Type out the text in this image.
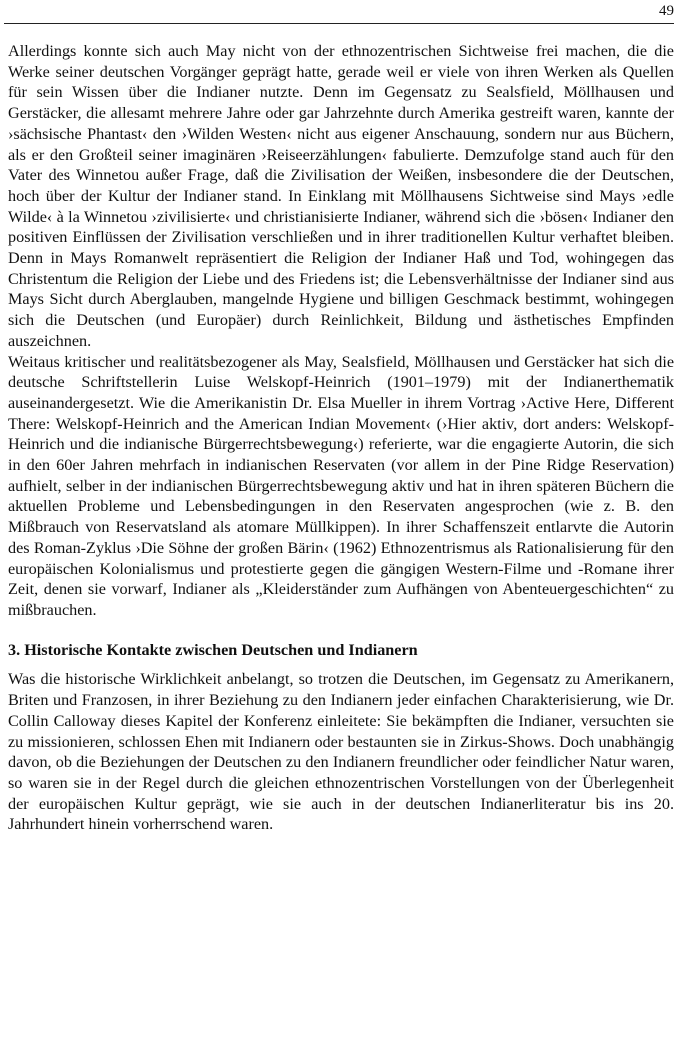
49

Allerdings konnte sich auch May nicht von der ethnozentrischen Sichtweise frei machen, die die Werke seiner deutschen Vorgänger geprägt hatte, gerade weil er viele von ihren Werken als Quellen für sein Wissen über die Indianer nutzte. Denn im Gegensatz zu Sealsfield, Möllhausen und Gerstäcker, die allesamt mehrere Jahre oder gar Jahrzehnte durch Amerika gestreift waren, kannte der ›sächsische Phantast‹ den ›Wilden Westen‹ nicht aus eigener Anschauung, sondern nur aus Büchern, als er den Großteil seiner imaginären ›Reiseerzählungen‹ fabulierte. Demzufolge stand auch für den Vater des Winnetou außer Frage, daß die Zivilisation der Weißen, insbesondere die der Deutschen, hoch über der Kultur der Indianer stand. In Einklang mit Möllhausens Sichtweise sind Mays ›edle Wilde‹ à la Winnetou ›zivilisierte‹ und christianisierte Indianer, während sich die ›bösen‹ Indianer den positiven Einflüssen der Zivilisation verschließen und in ihrer traditionellen Kultur verhaftet bleiben. Denn in Mays Romanwelt repräsentiert die Religion der Indianer Haß und Tod, wohingegen das Christentum die Religion der Liebe und des Friedens ist; die Lebensverhältnisse der Indianer sind aus Mays Sicht durch Aberglauben, mangelnde Hygiene und billigen Geschmack bestimmt, wohingegen sich die Deutschen (und Europäer) durch Reinlichkeit, Bildung und ästhetisches Empfinden auszeichnen.

Weitaus kritischer und realitätsbezogener als May, Sealsfield, Möllhausen und Gerstäcker hat sich die deutsche Schriftstellerin Luise Welskopf-Heinrich (1901–1979) mit der Indianerthematik auseinandergesetzt. Wie die Amerikanistin Dr. Elsa Mueller in ihrem Vortrag ›Active Here, Different There: Welskopf-Heinrich and the American Indian Movement‹ (›Hier aktiv, dort anders: Welskopf-Heinrich und die indianische Bürgerrechtsbewegung‹) referierte, war die engagierte Autorin, die sich in den 60er Jahren mehrfach in indianischen Reservaten (vor allem in der Pine Ridge Reservation) aufhielt, selber in der indianischen Bürgerrechtsbewegung aktiv und hat in ihren späteren Büchern die aktuellen Probleme und Lebensbedingungen in den Reservaten angesprochen (wie z. B. den Mißbrauch von Reservatsland als atomare Müllkippen). In ihrer Schaffenszeit entlarvte die Autorin des Roman-Zyklus ›Die Söhne der großen Bärin‹ (1962) Ethnozentrismus als Rationalisierung für den europäischen Kolonialismus und protestierte gegen die gängigen Western-Filme und -Romane ihrer Zeit, denen sie vorwarf, Indianer als „Kleiderständer zum Aufhängen von Abenteuergeschichten“ zu mißbrauchen.

3. Historische Kontakte zwischen Deutschen und Indianern

Was die historische Wirklichkeit anbelangt, so trotzen die Deutschen, im Gegensatz zu Amerikanern, Briten und Franzosen, in ihrer Beziehung zu den Indianern jeder einfachen Charakterisierung, wie Dr. Collin Calloway dieses Kapitel der Konferenz einleitete: Sie bekämpften die Indianer, versuchten sie zu missionieren, schlossen Ehen mit Indianern oder bestaunten sie in Zirkus-Shows. Doch unabhängig davon, ob die Beziehungen der Deutschen zu den Indianern freundlicher oder feindlicher Natur waren, so waren sie in der Regel durch die gleichen ethnozentrischen Vorstellungen von der Überlegenheit der europäischen Kultur geprägt, wie sie auch in der deutschen Indianerliteratur bis ins 20. Jahrhundert hinein vorherrschend waren.
